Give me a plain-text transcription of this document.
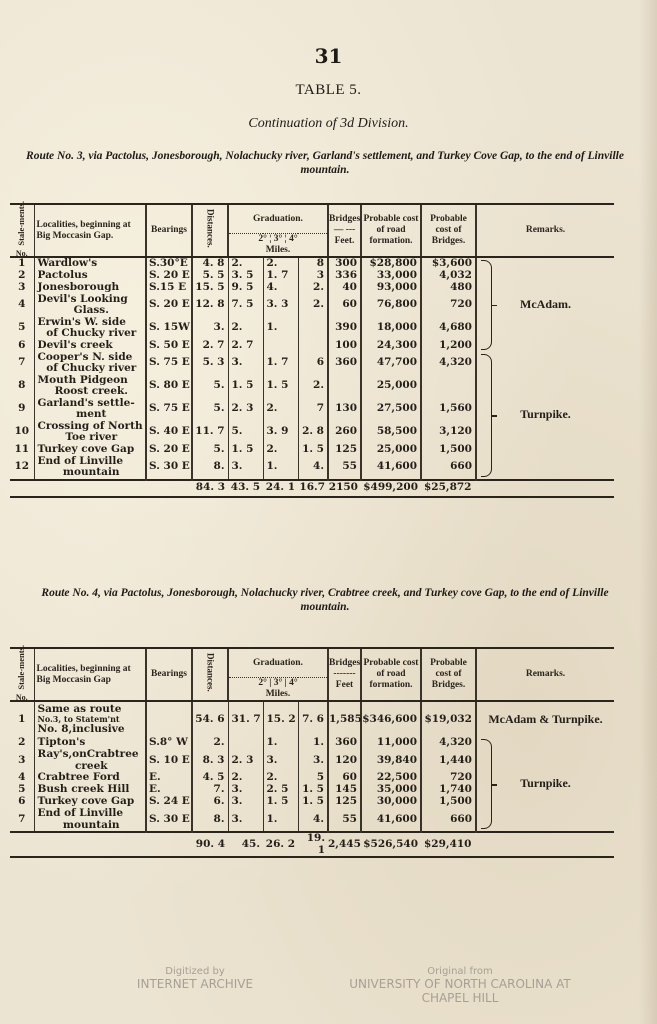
31
TABLE 5.
Continuation of 3d Division.
Route No. 3, via Pactolus, Jonesborough, Nolachucky river, Garland's settlement, and Turkey Cove Gap, to the end of Linville mountain.
Stale-ments.
No.	Localities, beginning at Big Moccasin Gap.	Bearings	Distances.	Graduation.			Bridges
— ---
Feet.	Probable cost of road formation.	Probable cost of Bridges.	Remarks.
				2° ¦ 3° ¦ 4°
Miles.						
1	Wardlow's	S.30°E	4. 8	2.	2.	8	300	$28,800	$3,600	McAdam.
2	Pactolus	S. 20 E	5. 5	3. 5	1. 7	3	336	33,000	4,032	
3	Jonesborough	S.15 E	15. 5	9. 5	4.	2.	40	93,000	480	
4	Devil's Looking
Glass.	S. 20 E	12. 8	7. 5	3. 3	2.	60	76,800	720	
5	Erwin's W. side
of Chucky river	S. 15W	3.	2.	1.		390	18,000	4,680	
6	Devil's creek	S. 50 E	2. 7	2. 7			100	24,300	1,200	
7	Cooper's N. side
of Chucky river	S. 75 E	5. 3	3.	1. 7	6	360	47,700	4,320	Turnpike.
8	Mouth Pidgeon
Roost creek.	S. 80 E	5.	1. 5	1. 5	2.		25,000		
9	Garland's settle-
ment	S. 75 E	5.	2. 3	2.	7	130	27,500	1,560	
10	Crossing of North
Toe river	S. 40 E	11. 7	5.	3. 9	2. 8	260	58,500	3,120	
11	Turkey cove Gap	S. 20 E	5.	1. 5	2.	1. 5	125	25,000	1,500	
12	End of Linville
mountain	S. 30 E	8.	3.	1.	4.	55	41,600	660	
			84. 3	43. 5	24. 1	16.7	2150	$499,200	$25,872	
Route No. 4, via Pactolus, Jonesborough, Nolachucky river, Crabtree creek, and Turkey cove Gap, to the end of Linville mountain.
Stale-ments.
No.	Localities, beginning at Big Moccasin Gap	Bearings	Distances.	Graduation.			Bridges
-------
Feet	Probable cost of road formation.	Probable cost of Bridges.	Remarks.
				2° | 3° | 4°
Miles.						
1	Same as route
No.3, to Statem'nt
No. 8,inclusive		54. 6	31. 7	15. 2	7. 6	1,585	$346,600	$19,032	McAdam & Turnpike.
2	Tipton's	S.8° W	2.		1.	1.	360	11,000	4,320	Turnpike.
3	Ray's,onCrabtree
creek	S. 10 E	8. 3	2. 3	3.	3.	120	39,840	1,440	
4	Crabtree Ford	E.	4. 5	2.	2.	5	60	22,500	720	
5	Bush creek Hill	E.	7.	3.	2. 5	1. 5	145	35,000	1,740	
6	Turkey cove Gap	S. 24 E	6.	3.	1. 5	1. 5	125	30,000	1,500	
7	End of Linville
mountain	S. 30 E	8.	3.	1.	4.	55	41,600	660	
			90. 4	45.	26. 2	19. 1	2,445	$526,540	$29,410	
Digitized by
INTERNET ARCHIVE
Original from
UNIVERSITY OF NORTH CAROLINA AT
CHAPEL HILL
